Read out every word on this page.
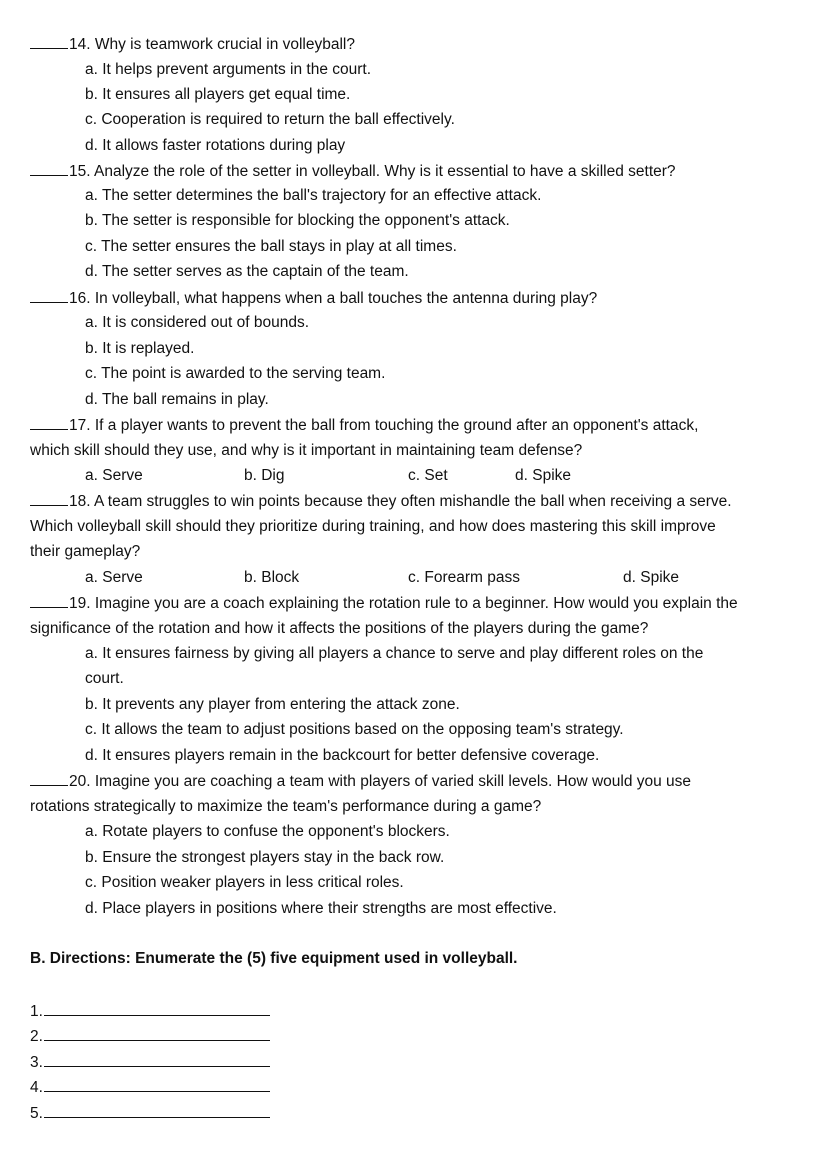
14. Why is teamwork crucial in volleyball?
a. It helps prevent arguments in the court.
b. It ensures all players get equal time.
c. Cooperation is required to return the ball effectively.
d. It allows faster rotations during play
15. Analyze the role of the setter in volleyball. Why is it essential to have a skilled setter?
a. The setter determines the ball's trajectory for an effective attack.
b. The setter is responsible for blocking the opponent's attack.
c. The setter ensures the ball stays in play at all times.
d. The setter serves as the captain of the team.
16. In volleyball, what happens when a ball touches the antenna during play?
a. It is considered out of bounds.
b. It is replayed.
c. The point is awarded to the serving team.
d. The ball remains in play.
17. If a player wants to prevent the ball from touching the ground after an opponent's attack,
which skill should they use, and why is it important in maintaining team defense?
a. Serve	b. Dig	c. Set	d. Spike
18. A team struggles to win points because they often mishandle the ball when receiving a serve.
Which volleyball skill should they prioritize during training, and how does mastering this skill improve
their gameplay?
a. Serve	b. Block	c. Forearm pass	d. Spike
19. Imagine you are a coach explaining the rotation rule to a beginner. How would you explain the
significance of the rotation and how it affects the positions of the players during the game?
a. It ensures fairness by giving all players a chance to serve and play different roles on the
court.
b. It prevents any player from entering the attack zone.
c. It allows the team to adjust positions based on the opposing team's strategy.
d. It ensures players remain in the backcourt for better defensive coverage.
20. Imagine you are coaching a team with players of varied skill levels. How would you use
rotations strategically to maximize the team's performance during a game?
a. Rotate players to confuse the opponent's blockers.
b. Ensure the strongest players stay in the back row.
c. Position weaker players in less critical roles.
d. Place players in positions where their strengths are most effective.
B. Directions: Enumerate the (5) five equipment used in volleyball.
1.
2.
3.
4.
5.
